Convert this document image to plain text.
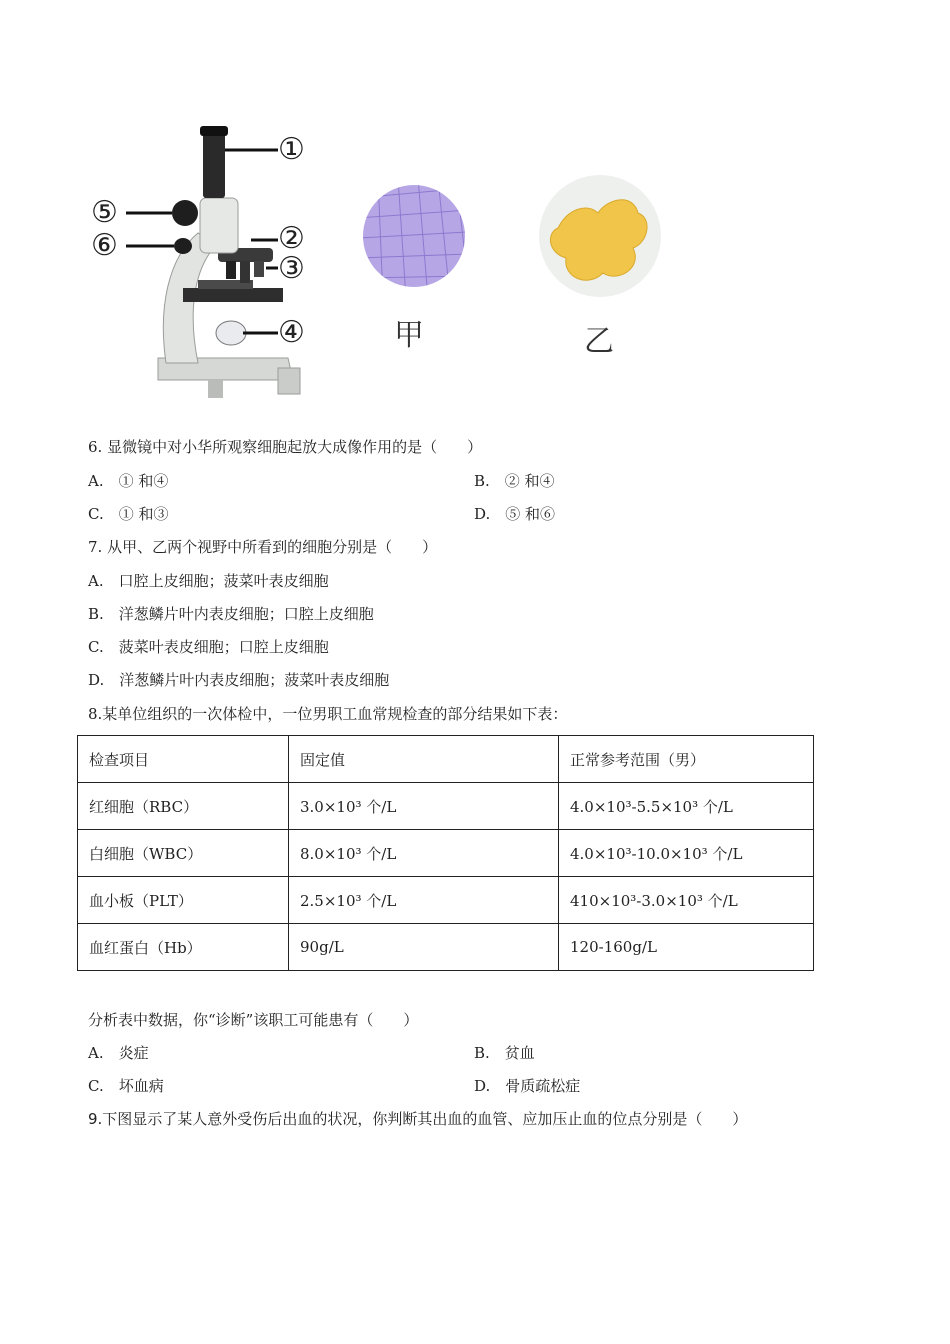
①
②
③
④
⑤
⑥
甲	乙
6. 显微镜中对小华所观察细胞起放大成像作用的是（　　）
A.　① 和④	B.　② 和④
C.　① 和③	D.　⑤ 和⑥
7. 从甲、乙两个视野中所看到的细胞分别是（　　）
A.　口腔上皮细胞；菠菜叶表皮细胞
B.　洋葱鳞片叶内表皮细胞；口腔上皮细胞
C.　菠菜叶表皮细胞；口腔上皮细胞
D.　洋葱鳞片叶内表皮细胞；菠菜叶表皮细胞
8.某单位组织的一次体检中，一位男职工血常规检查的部分结果如下表：
检查项目	固定值	正常参考范围（男）
红细胞（RBC）	3.0×10³ 个/L	4.0×10³-5.5×10³ 个/L
白细胞（WBC）	8.0×10³ 个/L	4.0×10³-10.0×10³ 个/L
血小板（PLT）	2.5×10³ 个/L	410×10³-3.0×10³ 个/L
血红蛋白（Hb）	90g/L	120-160g/L
分析表中数据，你“诊断”该职工可能患有（　　）
A.　炎症	B.　贫血
C.　坏血病	D.　骨质疏松症
9.下图显示了某人意外受伤后出血的状况，你判断其出血的血管、应加压止血的位点分别是（　　）
